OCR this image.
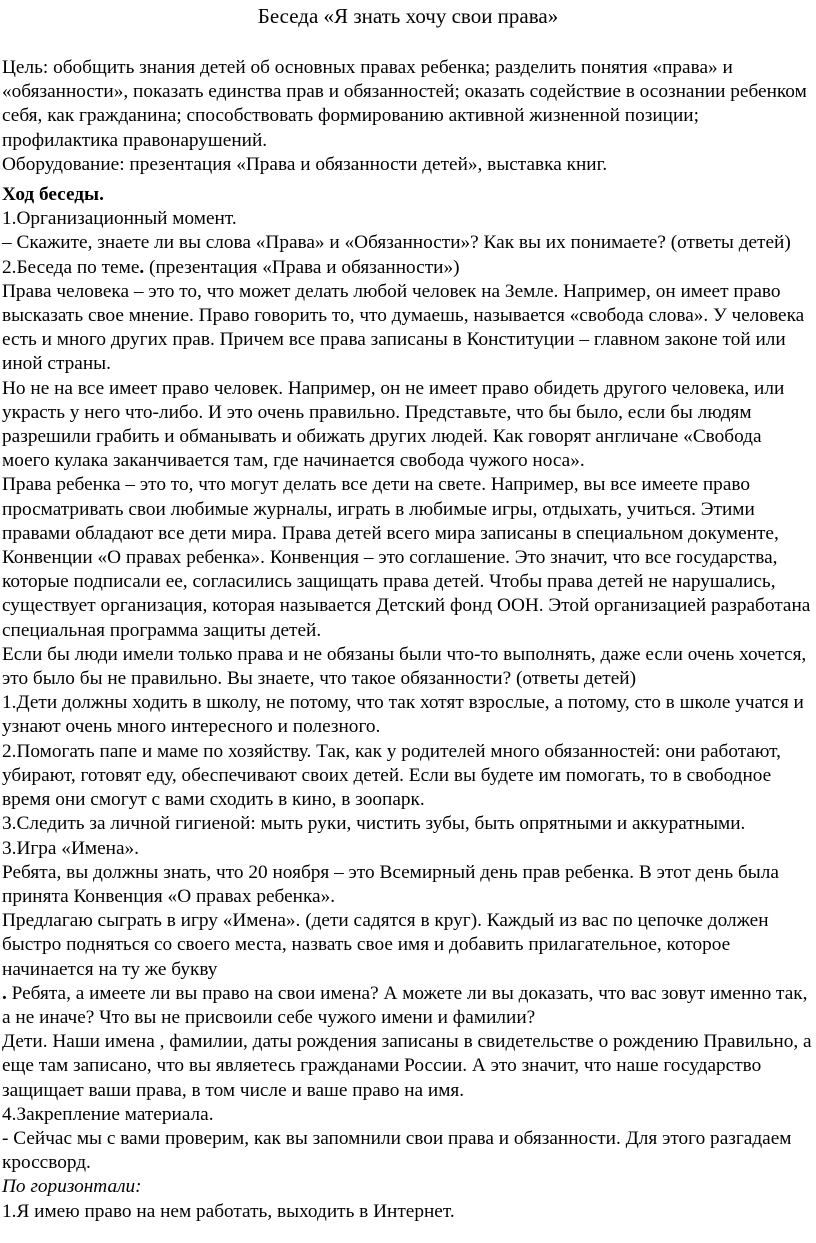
Беседа «Я знать хочу свои права»

Цель: обобщить знания детей об основных правах ребенка; разделить понятия «права» и «обязанности», показать единства прав и обязанностей; оказать содействие в осознании ребенком себя, как гражданина; способствовать формированию активной жизненной позиции; профилактика правонарушений.

Оборудование: презентация «Права и обязанности детей», выставка книг.

Ход беседы.

1.Организационный момент.

– Скажите, знаете ли вы слова «Права» и «Обязанности»? Как вы их понимаете? (ответы детей)

2.Беседа по теме. (презентация «Права и обязанности»)

Права человека – это то, что может делать любой человек на Земле. Например, он имеет право высказать свое мнение. Право говорить то, что думаешь, называется «свобода слова». У человека есть и много других прав. Причем все права записаны в Конституции – главном законе той или иной страны.

Но не на все имеет право человек. Например, он не имеет право обидеть другого человека, или украсть у него что-либо. И это очень правильно. Представьте, что бы было, если бы людям разрешили грабить и обманывать и обижать других людей. Как говорят англичане «Свобода моего кулака заканчивается там, где начинается свобода чужого носа».

Права ребенка – это то, что могут делать все дети на свете. Например, вы все имеете право просматривать свои любимые журналы, играть в любимые игры, отдыхать, учиться. Этими правами обладают все дети мира. Права детей всего мира записаны в специальном документе, Конвенции «О правах ребенка». Конвенция – это соглашение. Это значит, что все государства, которые подписали ее, согласились защищать права детей. Чтобы права детей не нарушались, существует организация, которая называется Детский фонд ООН. Этой организацией разработана специальная программа защиты детей.

Если бы люди имели только права и не обязаны были что-то выполнять, даже если очень хочется, это было бы не правильно. Вы знаете, что такое обязанности? (ответы детей)

1.Дети должны ходить в школу, не потому, что так хотят взрослые, а потому, сто в школе учатся и узнают очень много интересного и полезного.

2.Помогать папе и маме по хозяйству. Так, как у родителей много обязанностей: они работают, убирают, готовят еду, обеспечивают своих детей. Если вы будете им помогать, то в свободное время они смогут с вами сходить в кино, в зоопарк.

3.Следить за личной гигиеной: мыть руки, чистить зубы, быть опрятными и аккуратными.

3.Игра «Имена».

Ребята, вы должны знать, что 20 ноября – это Всемирный день прав ребенка. В этот день была принята Конвенция «О правах ребенка».

Предлагаю сыграть в игру «Имена». (дети садятся в круг). Каждый из вас по цепочке должен быстро подняться со своего места, назвать свое имя и добавить прилагательное, которое начинается на ту же букву

. Ребята, а имеете ли вы право на свои имена? А можете ли вы доказать, что вас зовут именно так, а не иначе? Что вы не присвоили себе чужого имени и фамилии?

Дети. Наши имена , фамилии, даты рождения записаны в свидетельстве о рождению Правильно, а еще там записано, что вы являетесь гражданами России. А это значит, что наше государство защищает ваши права, в том числе и ваше право на имя.

4.Закрепление материала.

- Сейчас мы с вами проверим, как вы запомнили свои права и обязанности. Для этого разгадаем кроссворд.

По горизонтали:

1.Я имею право на нем работать, выходить в Интернет.
